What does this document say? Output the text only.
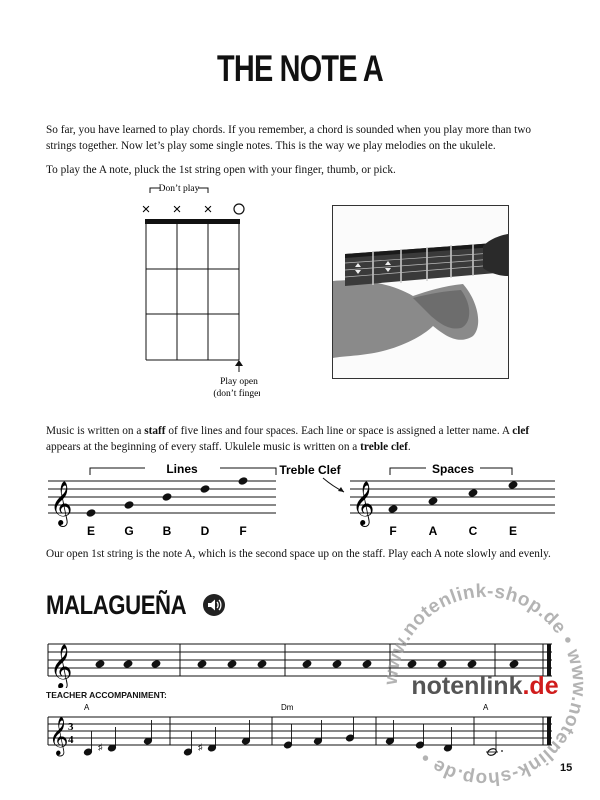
THE NOTE A
So far, you have learned to play chords. If you remember, a chord is sounded when you play more than two strings together. Now let’s play some single notes. This is the way we play melodies on the ukulele.
To play the A note, pluck the 1st string open with your finger, thumb, or pick.
Don’t play
× × ×
Play open
(don’t finger)
Music is written on a staff of five lines and four spaces. Each line or space is assigned a letter name. A clef appears at the beginning of every staff. Ukulele music is written on a treble clef.
Lines
𝄞
E G B D F
Treble Clef	Spaces
𝄞
F	A	C	E
Our open 1st string is the note A, which is the second space up on the staff. Play each A note slowly and evenly.
MALAGUEÑA
𝄞
TEACHER ACCOMPANIMENT:
A	Dm	A
𝄞 3
4
♯	♯
15
www.notenlink-shop.de • www.notenlink-shop.de •
notenlink.de
